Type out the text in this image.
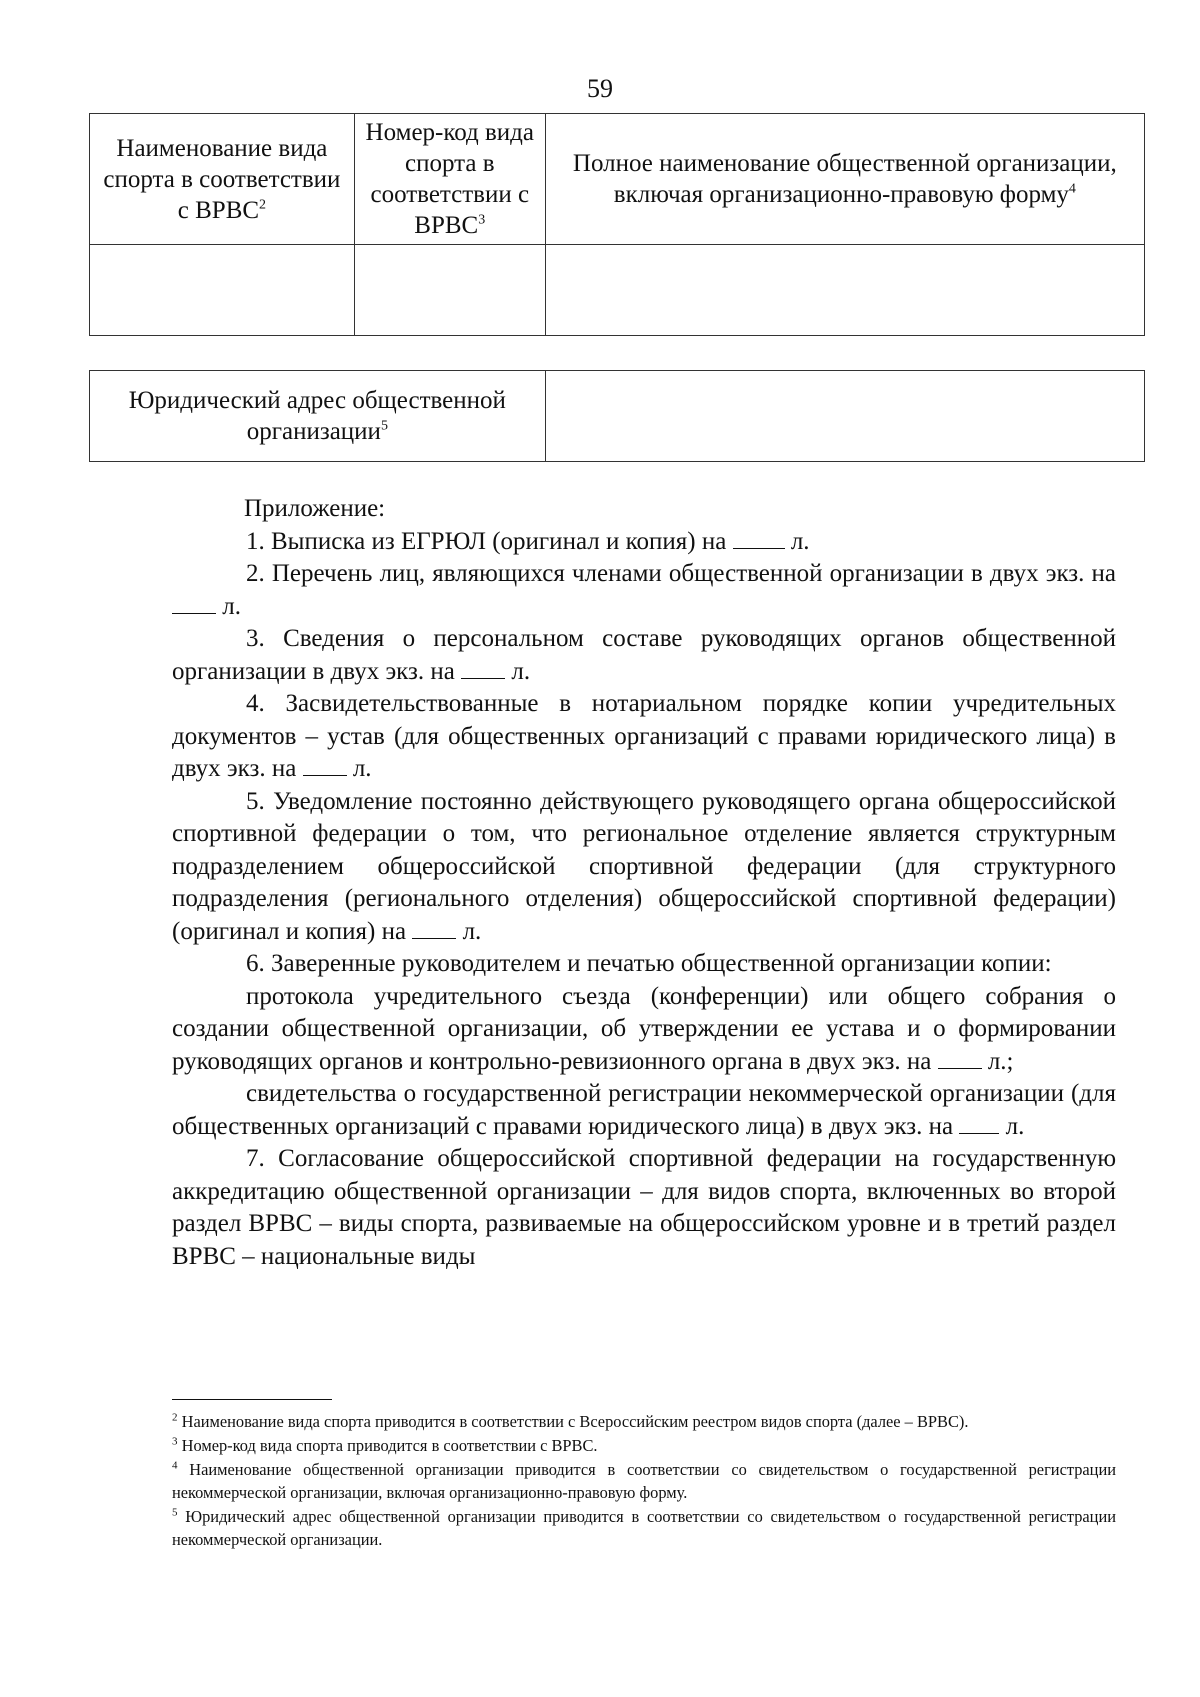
59
Наименование вида спорта в соответствии с ВРВС$^2$	Номер-код вида спорта в соответствии с ВРВС$^3$	Полное наименование общественной организации, включая организационно-правовую форму$^4$

Юридический адрес общественной организации$^5$	

Приложение:

1. Выписка из ЕГРЮЛ (оригинал и копия) на	л.

2. Перечень лиц, являющихся членами общественной организации в двух экз. на  л.

3. Сведения о персональном составе руководящих органов общественной организации в двух экз. на л.

4. Засвидетельствованные в нотариальном порядке копии учредительных документов – устав (для общественных организаций с правами юридического лица) в двух экз. на л.

5. Уведомление постоянно действующего руководящего органа общероссийской спортивной федерации о том, что региональное отделение является структурным подразделением общероссийской спортивной федерации (для структурного подразделения (регионального отделения) общероссийской спортивной федерации) (оригинал и копия) на л.

6. Заверенные руководителем и печатью общественной организации копии:

протокола учредительного съезда (конференции) или общего собрания о создании общественной организации, об утверждении ее устава и о формировании руководящих органов и контрольно-ревизионного органа в двух экз. на л.;

свидетельства о государственной регистрации некоммерческой организации (для общественных организаций с правами юридического лица) в двух экз. на л.

7. Согласование общероссийской спортивной федерации на государственную аккредитацию общественной организации – для видов спорта, включенных во второй раздел ВРВС – виды спорта, развиваемые на общероссийском уровне и в третий раздел ВРВС – национальные виды

$^2$ Наименование вида спорта приводится в соответствии с Всероссийским реестром видов спорта (далее – ВРВС).

$^3$ Номер-код вида спорта приводится в соответствии с ВРВС.

$^4$ Наименование общественной организации приводится в соответствии со свидетельством о государственной регистрации некоммерческой организации, включая организационно-правовую форму.

$^5$ Юридический адрес общественной организации приводится в соответствии со свидетельством о государственной регистрации некоммерческой организации.
